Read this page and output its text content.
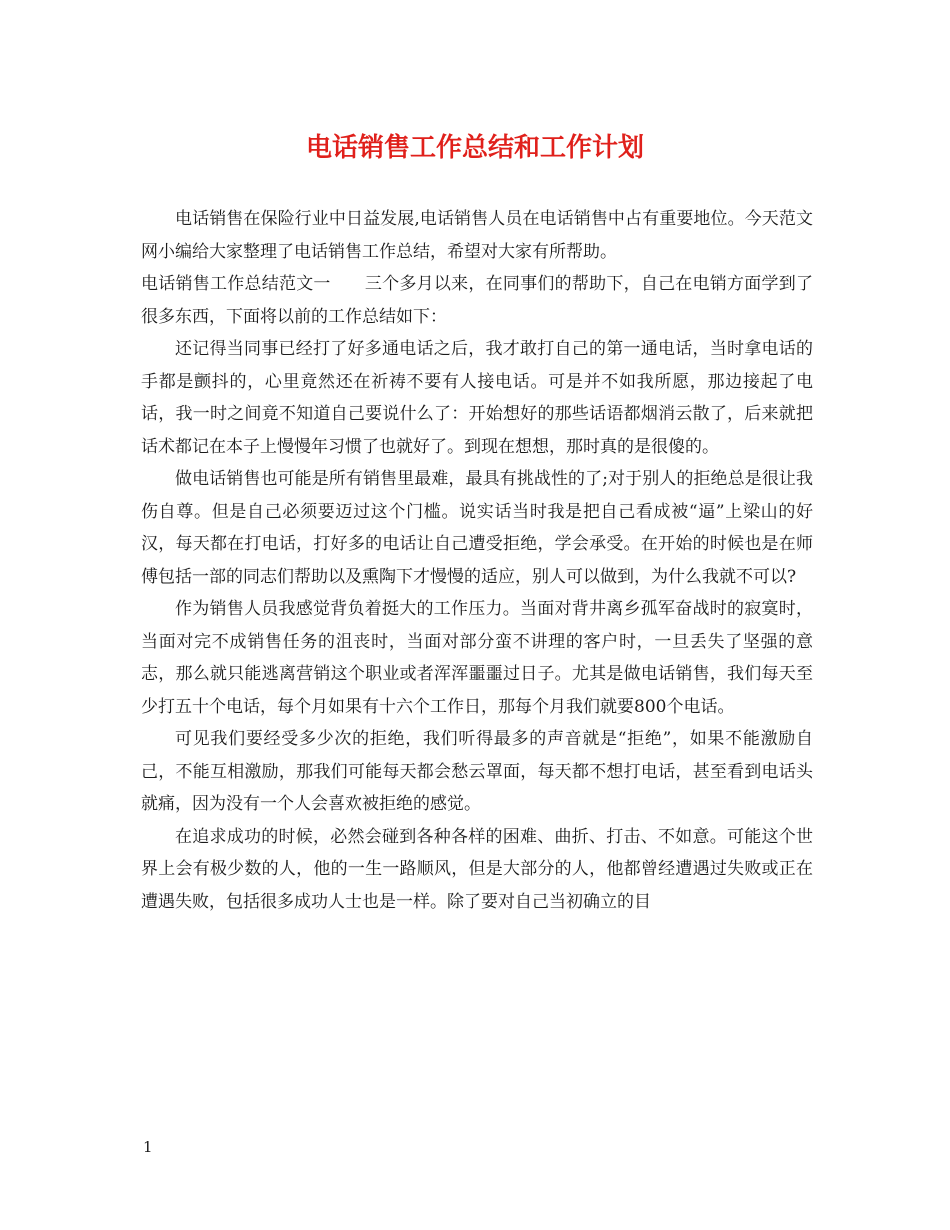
电话销售工作总结和工作计划

电话销售在保险行业中日益发展,电话销售人员在电话销售中占有重要地位。今天范文网小编给大家整理了电话销售工作总结，希望对大家有所帮助。

电话销售工作总结范文一 三个多月以来，在同事们的帮助下，自己在电销方面学到了很多东西，下面将以前的工作总结如下：

还记得当同事已经打了好多通电话之后，我才敢打自己的第一通电话，当时拿电话的手都是颤抖的，心里竟然还在祈祷不要有人接电话。可是并不如我所愿，那边接起了电话，我一时之间竟不知道自己要说什么了：开始想好的那些话语都烟消云散了，后来就把话术都记在本子上慢慢年习惯了也就好了。到现在想想，那时真的是很傻的。

做电话销售也可能是所有销售里最难，最具有挑战性的了;对于别人的拒绝总是很让我伤自尊。但是自己必须要迈过这个门槛。说实话当时我是把自己看成被“逼”上梁山的好汉，每天都在打电话，打好多的电话让自己遭受拒绝，学会承受。在开始的时候也是在师傅包括一部的同志们帮助以及熏陶下才慢慢的适应，别人可以做到，为什么我就不可以?

作为销售人员我感觉背负着挺大的工作压力。当面对背井离乡孤军奋战时的寂寞时，当面对完不成销售任务的沮丧时，当面对部分蛮不讲理的客户时，一旦丢失了坚强的意志，那么就只能逃离营销这个职业或者浑浑噩噩过日子。尤其是做电话销售，我们每天至少打五十个电话，每个月如果有十六个工作日，那每个月我们就要800个电话。

可见我们要经受多少次的拒绝，我们听得最多的声音就是“拒绝”，如果不能激励自己，不能互相激励，那我们可能每天都会愁云罩面，每天都不想打电话，甚至看到电话头就痛，因为没有一个人会喜欢被拒绝的感觉。

在追求成功的时候，必然会碰到各种各样的困难、曲折、打击、不如意。可能这个世界上会有极少数的人，他的一生一路顺风，但是大部分的人，他都曾经遭遇过失败或正在遭遇失败，包括很多成功人士也是一样。除了要对自己当初确立的目

1
